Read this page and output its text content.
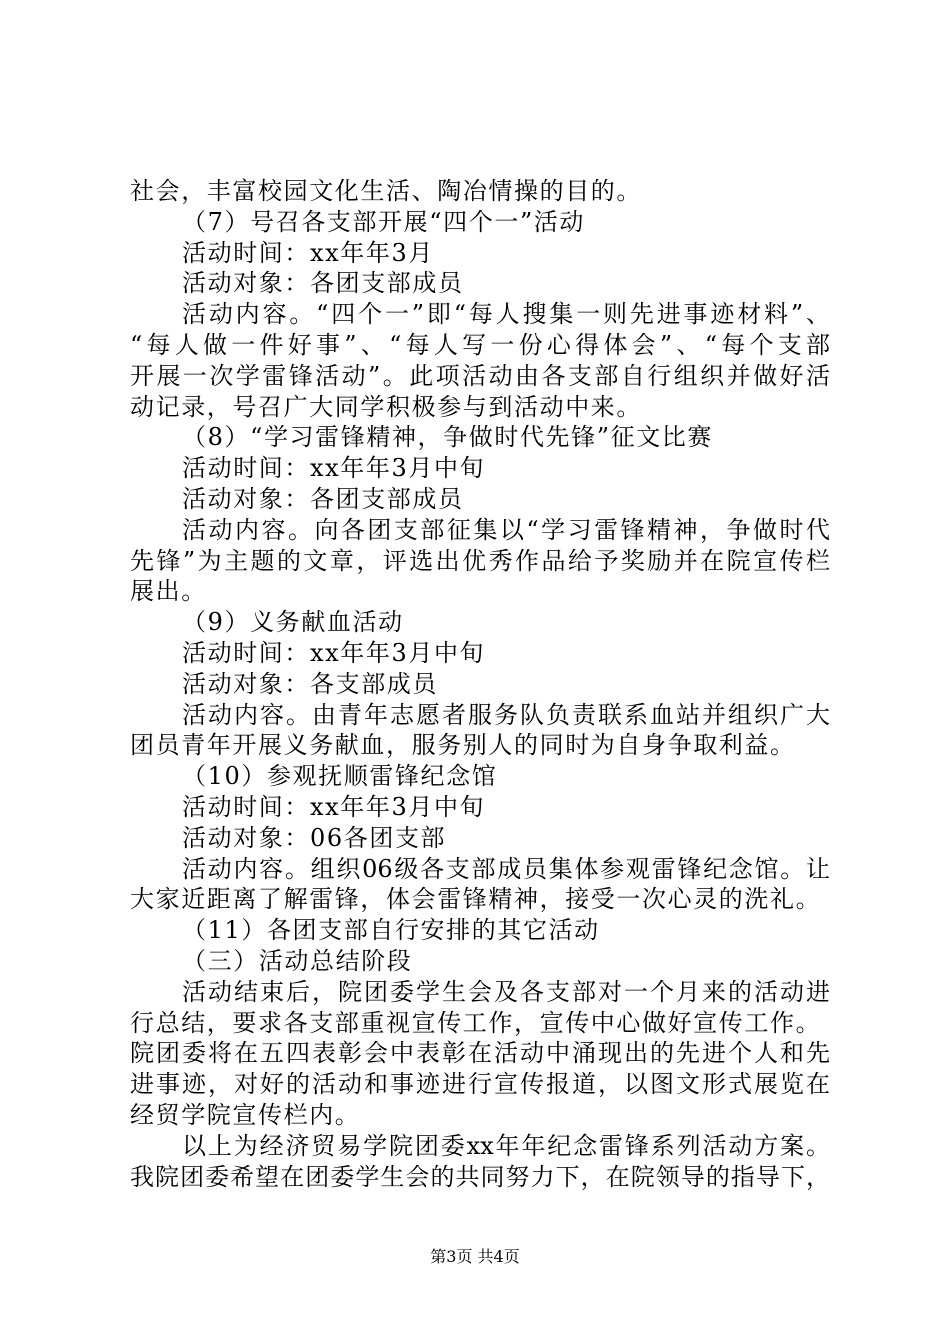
社会，丰富校园文化生活、陶冶情操的目的。
（7）号召各支部开展“四个一”活动
活动时间：xx年年3月
活动对象：各团支部成员
活动内容。“四个一”即“每人搜集一则先进事迹材料”、
“每人做一件好事”、“每人写一份心得体会”、“每个支部
开展一次学雷锋活动”。此项活动由各支部自行组织并做好活
动记录，号召广大同学积极参与到活动中来。
（8）“学习雷锋精神，争做时代先锋”征文比赛
活动时间：xx年年3月中旬
活动对象：各团支部成员
活动内容。向各团支部征集以“学习雷锋精神，争做时代
先锋”为主题的文章，评选出优秀作品给予奖励并在院宣传栏
展出。
（9）义务献血活动
活动时间：xx年年3月中旬
活动对象：各支部成员
活动内容。由青年志愿者服务队负责联系血站并组织广大
团员青年开展义务献血，服务别人的同时为自身争取利益。
（10）参观抚顺雷锋纪念馆
活动时间：xx年年3月中旬
活动对象：06各团支部
活动内容。组织06级各支部成员集体参观雷锋纪念馆。让
大家近距离了解雷锋，体会雷锋精神，接受一次心灵的洗礼。
（11）各团支部自行安排的其它活动
（三）活动总结阶段
活动结束后，院团委学生会及各支部对一个月来的活动进
行总结，要求各支部重视宣传工作，宣传中心做好宣传工作。
院团委将在五四表彰会中表彰在活动中涌现出的先进个人和先
进事迹，对好的活动和事迹进行宣传报道，以图文形式展览在
经贸学院宣传栏内。
以上为经济贸易学院团委xx年年纪念雷锋系列活动方案。
我院团委希望在团委学生会的共同努力下，在院领导的指导下，
第3页 共4页
